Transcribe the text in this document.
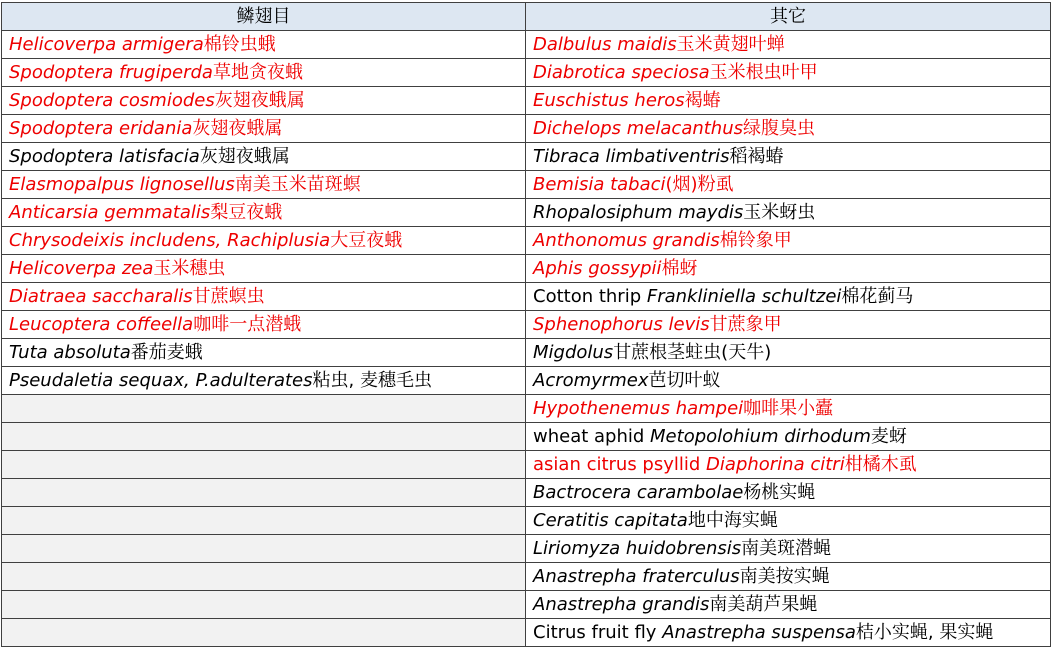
鳞翅目	其它
Helicoverpa armigera棉铃虫蛾	Dalbulus maidis玉米黄翅叶蝉
Spodoptera frugiperda草地贪夜蛾	Diabrotica speciosa玉米根虫叶甲
Spodoptera cosmiodes灰翅夜蛾属	Euschistus heros褐蝽
Spodoptera eridania灰翅夜蛾属	Dichelops melacanthus绿腹臭虫
Spodoptera latisfacia灰翅夜蛾属	Tibraca limbativentris稻褐蝽
Elasmopalpus lignosellus南美玉米苗斑螟	Bemisia tabaci(烟)粉虱
Anticarsia gemmatalis梨豆夜蛾	Rhopalosiphum maydis玉米蚜虫
Chrysodeixis includens, Rachiplusia大豆夜蛾	Anthonomus grandis棉铃象甲
Helicoverpa zea玉米穗虫	Aphis gossypii棉蚜
Diatraea saccharalis甘蔗螟虫	Cotton thrip Frankliniella schultzei棉花蓟马
Leucoptera coffeella咖啡一点潜蛾	Sphenophorus levis甘蔗象甲
Tuta absoluta番茄麦蛾	Migdolus甘蔗根茎蛀虫(天牛)
Pseudaletia sequax, P.adulterates粘虫, 麦穗毛虫	Acromyrmex芭切叶蚁
	Hypothenemus hampei咖啡果小蠹
	wheat aphid Metopolohium dirhodum麦蚜
	asian citrus psyllid Diaphorina citri柑橘木虱
	Bactrocera carambolae杨桃实蝇
	Ceratitis capitata地中海实蝇
	Liriomyza huidobrensis南美斑潜蝇
	Anastrepha fraterculus南美按实蝇
	Anastrepha grandis南美葫芦果蝇
	Citrus fruit fly Anastrepha suspensa桔小实蝇, 果实蝇
